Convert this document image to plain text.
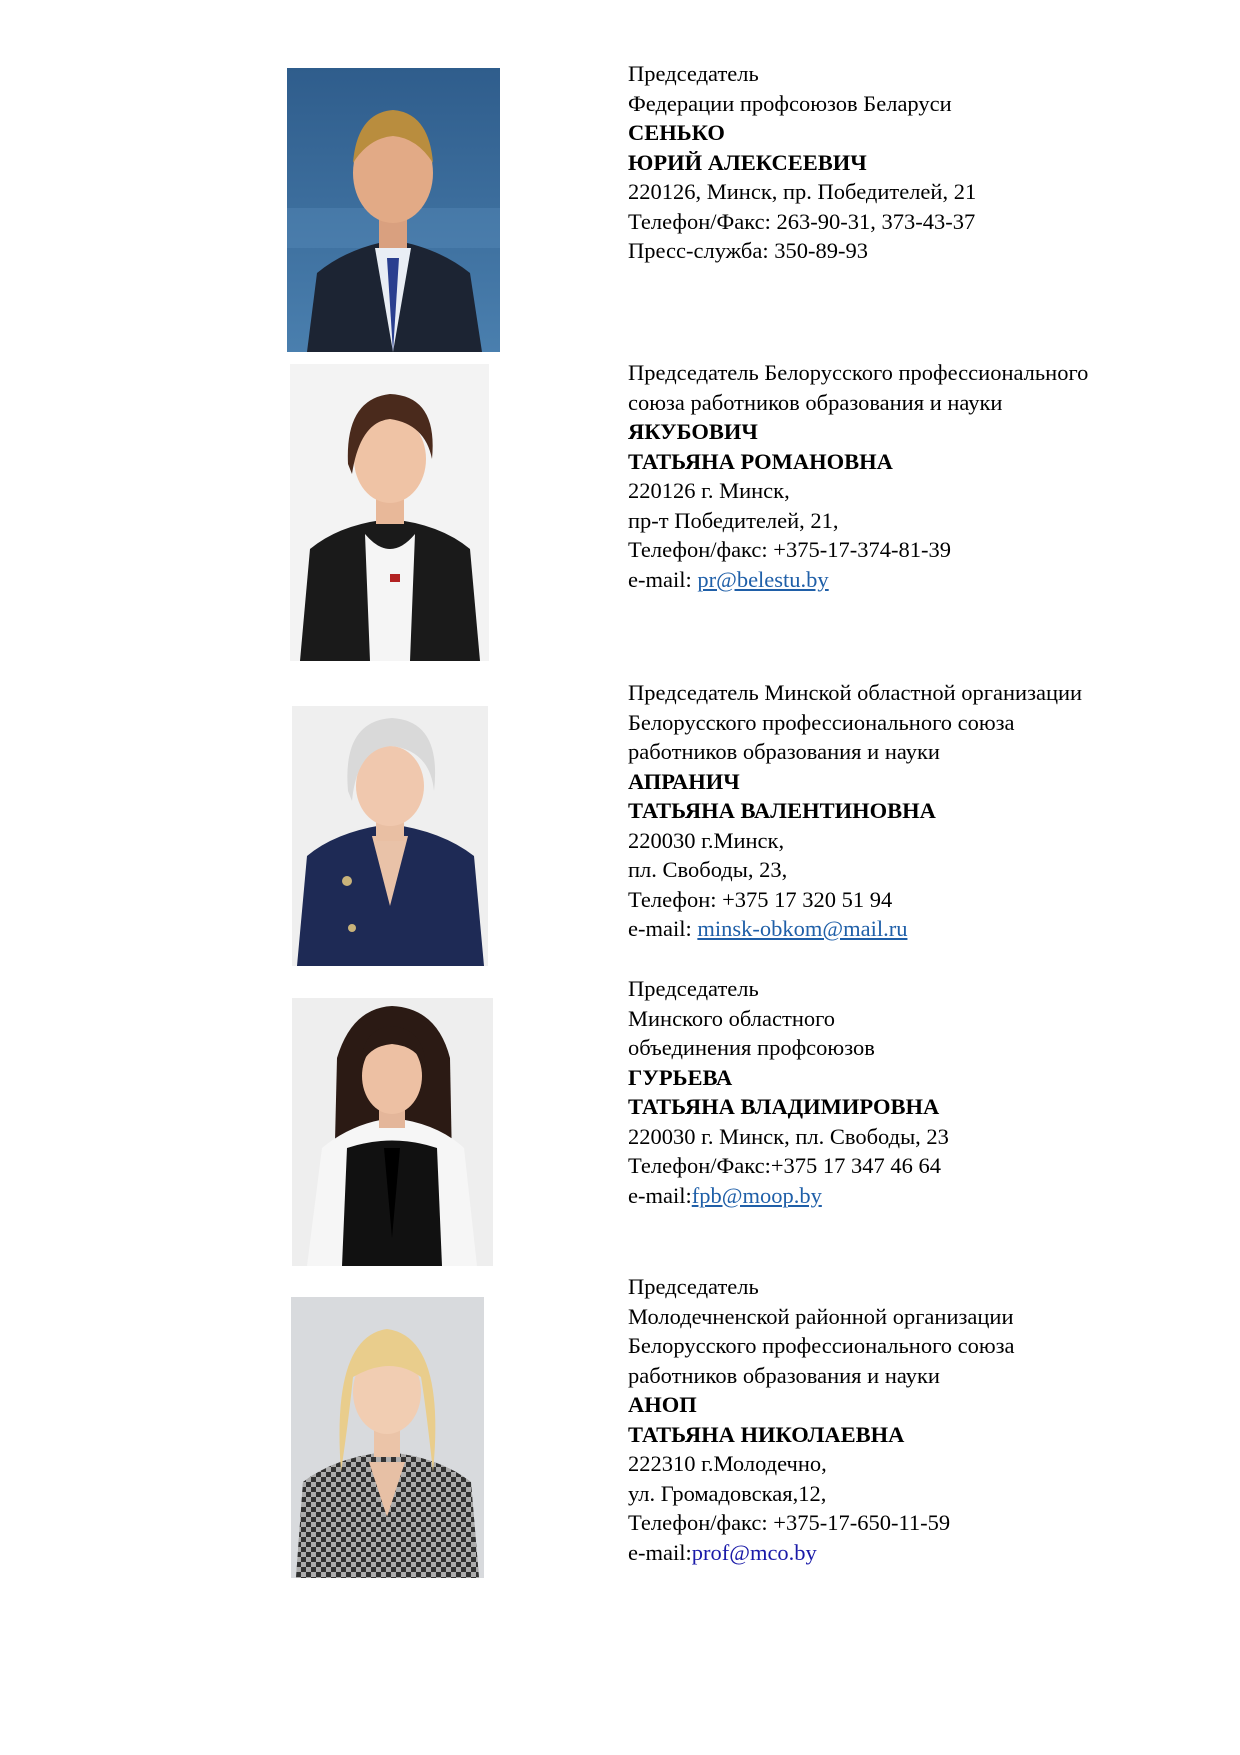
Председатель
Федерации профсоюзов Беларуси
СЕНЬКО
ЮРИЙ АЛЕКСЕЕВИЧ
220126, Минск, пр. Победителей, 21
Телефон/Факс: 263-90-31, 373-43-37
Пресс-служба: 350-89-93
Председатель Белорусского профессионального
союза работников образования и науки
ЯКУБОВИЧ
ТАТЬЯНА РОМАНОВНА
220126 г. Минск,
пр-т Победителей, 21,
Телефон/факс: +375-17-374-81-39
e-mail: pr@belestu.by
Председатель Минской областной организации
Белорусского профессионального союза
работников образования и науки
АПРАНИЧ
ТАТЬЯНА ВАЛЕНТИНОВНА
220030 г.Минск,
пл. Свободы, 23,
Телефон: +375 17 320 51 94
e-mail: minsk-obkom@mail.ru
Председатель
Минского областного
объединения профсоюзов
ГУРЬЕВА
ТАТЬЯНА ВЛАДИМИРОВНА
220030 г. Минск, пл. Свободы, 23
Телефон/Факс:+375 17 347 46 64
e-mail:fpb@moop.by
Председатель
Молодечненской районной организации
Белорусского профессионального союза
работников образования и науки
АНОП
ТАТЬЯНА НИКОЛАЕВНА
222310 г.Молодечно,
ул. Громадовская,12,
Телефон/факс: +375-17-650-11-59
e-mail:prof@mco.by
